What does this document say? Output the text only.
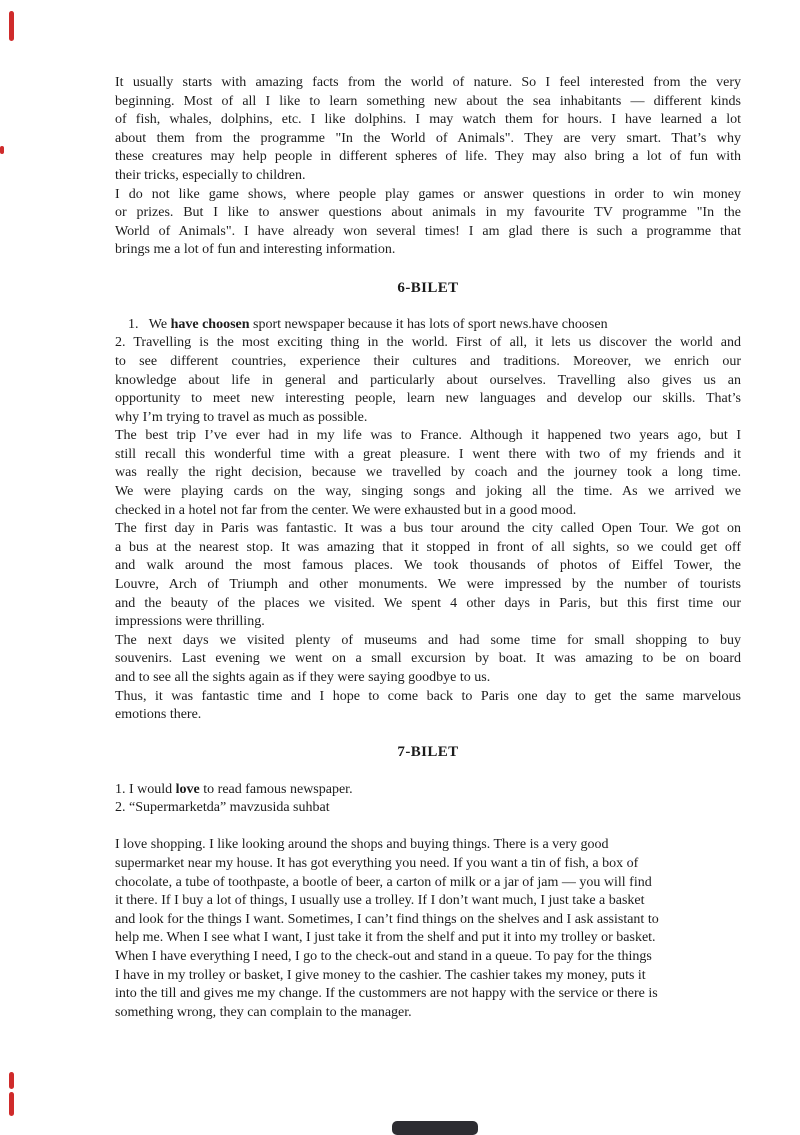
It usually starts with amazing facts from the world of nature. So I feel interested from the very
beginning. Most of all I like to learn something new about the sea inhabitants — different kinds
of fish, whales, dolphins, etc. I like dolphins. I may watch them for hours. I have learned a lot
about them from the programme "In the World of Animals". They are very smart. That’s why
these creatures may help people in different spheres of life. They may also bring a lot of fun with
their tricks, especially to children.
I do not like game shows, where people play games or answer questions in order to win money
or prizes. But I like to answer questions about animals in my favourite TV programme "In the
World of Animals". I have already won several times! I am glad there is such a programme that
brings me a lot of fun and interesting information.
6-BILET
1.   We have choosen sport newspaper because it has lots of sport news.have choosen
2. Travelling is the most exciting thing in the world. First of all, it lets us discover the world and
to see different countries, experience their cultures and traditions. Moreover, we enrich our
knowledge about life in general and particularly about ourselves. Travelling also gives us an
opportunity to meet new interesting people, learn new languages and develop our skills. That’s
why I’m trying to travel as much as possible.
The best trip I’ve ever had in my life was to France. Although it happened two years ago, but I
still recall this wonderful time with a great pleasure. I went there with two of my friends and it
was really the right decision, because we travelled by coach and the journey took a long time.
We were playing cards on the way, singing songs and joking all the time. As we arrived we
checked in a hotel not far from the center. We were exhausted but in a good mood.
The first day in Paris was fantastic. It was a bus tour around the city called Open Tour. We got on
a bus at the nearest stop. It was amazing that it stopped in front of all sights, so we could get off
and walk around the most famous places. We took thousands of photos of Eiffel Tower, the
Louvre, Arch of Triumph and other monuments. We were impressed by the number of tourists
and the beauty of the places we visited. We spent 4 other days in Paris, but this first time our
impressions were thrilling.
The next days we visited plenty of museums and had some time for small shopping to buy
souvenirs. Last evening we went on a small excursion by boat. It was amazing to be on board
and to see all the sights again as if they were saying goodbye to us.
Thus, it was fantastic time and I hope to come back to Paris one day to get the same marvelous
emotions there.
7-BILET
1. I would love to read famous newspaper.
2. “Supermarketda” mavzusida suhbat
I love shopping. I like looking around the shops and buying things. There is a very good
supermarket near my house. It has got everything you need. If you want a tin of fish, a box of
chocolate, a tube of toothpaste, a bootle of beer, a carton of milk or a jar of jam — you will find
it there. If I buy a lot of things, I usually use a trolley. If I don’t want much, I just take a basket
and look for the things I want. Sometimes, I can’t find things on the shelves and I ask assistant to
help me. When I see what I want, I just take it from the shelf and put it into my trolley or basket.
When I have everything I need, I go to the check-out and stand in a queue. To pay for the things
I have in my trolley or basket, I give money to the cashier. The cashier takes my money, puts it
into the till and gives me my change. If the custommers are not happy with the service or there is
something wrong, they can complain to the manager.
